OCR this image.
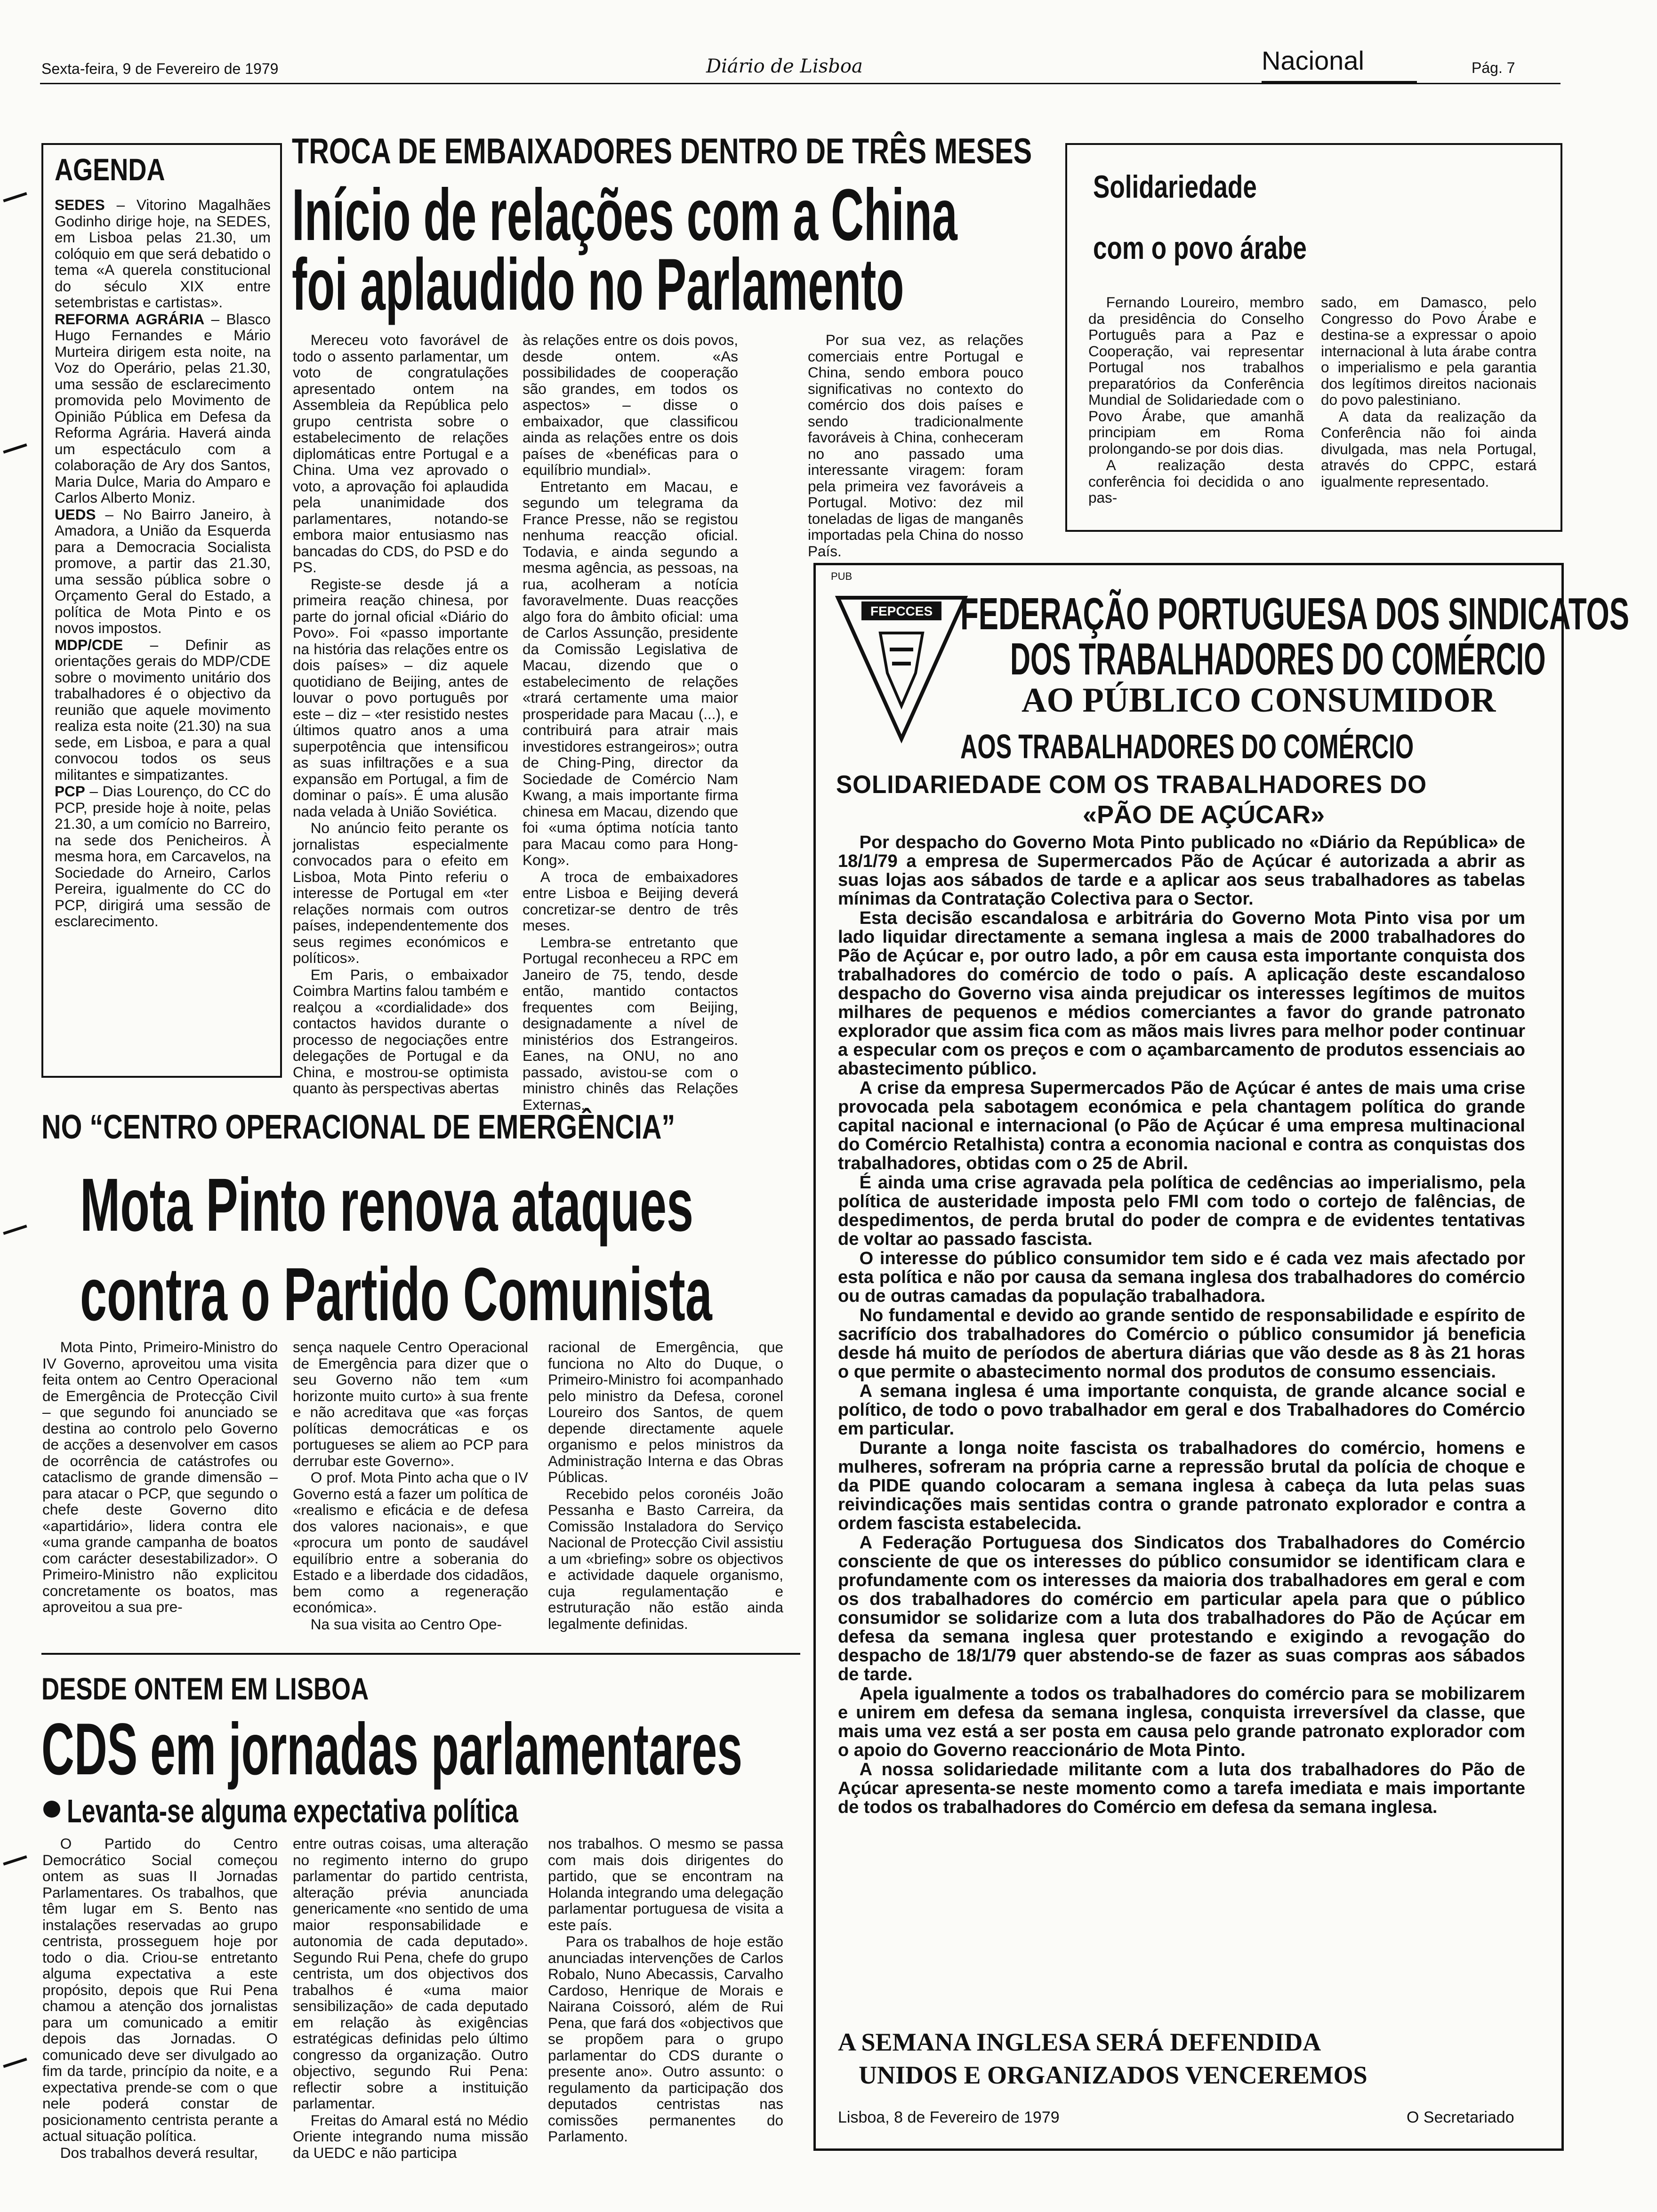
Sexta-feira, 9 de Fevereiro de 1979	Diário de Lisboa	Nacional	Pág. 7
AGENDA

SEDES – Vitorino Magalhães Godinho dirige hoje, na SEDES, em Lisboa pelas 21.30, um colóquio em que será debatido o tema «A querela constitucional do século XIX entre setembristas e cartistas».

REFORMA AGRÁRIA – Blasco Hugo Fernandes e Mário Murteira dirigem esta noite, na Voz do Operário, pelas 21.30, uma sessão de esclarecimento promovida pelo Movimento de Opinião Pública em Defesa da Reforma Agrária. Haverá ainda um espectáculo com a colaboração de Ary dos Santos, Maria Dulce, Maria do Amparo e Carlos Alberto Moniz.

UEDS – No Bairro Janeiro, à Amadora, a União da Esquerda para a Democracia Socialista promove, a partir das 21.30, uma sessão pública sobre o Orçamento Geral do Estado, a política de Mota Pinto e os novos impostos.

MDP/CDE – Definir as orientações gerais do MDP/CDE sobre o movimento unitário dos trabalhadores é o objectivo da reunião que aquele movimento realiza esta noite (21.30) na sua sede, em Lisboa, e para a qual convocou todos os seus militantes e simpatizantes.

PCP – Dias Lourenço, do CC do PCP, preside hoje à noite, pelas 21.30, a um comício no Barreiro, na sede dos Penicheiros. À mesma hora, em Carcavelos, na Sociedade do Arneiro, Carlos Pereira, igualmente do CC do PCP, dirigirá uma sessão de esclarecimento.

TROCA DE EMBAIXADORES DENTRO DE TRÊS MESES
Início de relações com a China
foi aplaudido no Parlamento

Mereceu voto favorável de todo o assento parlamentar, um voto de congratulações apresentado ontem na Assembleia da República pelo grupo centrista sobre o estabelecimento de relações diplomáticas entre Portugal e a China. Uma vez aprovado o voto, a aprovação foi aplaudida pela unanimidade dos parlamentares, notando-se embora maior entusiasmo nas bancadas do CDS, do PSD e do PS.

Registe-se desde já a primeira reação chinesa, por parte do jornal oficial «Diário do Povo». Foi «passo importante na história das relações entre os dois países» – diz aquele quotidiano de Beijing, antes de louvar o povo português por este – diz – «ter resistido nestes últimos quatro anos a uma superpotência que intensificou as suas infiltrações e a sua expansão em Portugal, a fim de dominar o país». É uma alusão nada velada à União Soviética.

No anúncio feito perante os jornalistas especialmente convocados para o efeito em Lisboa, Mota Pinto referiu o interesse de Portugal em «ter relações normais com outros países, independentemente dos seus regimes económicos e políticos».

Em Paris, o embaixador Coimbra Martins falou também e realçou a «cordialidade» dos contactos havidos durante o processo de negociações entre delegações de Portugal e da China, e mostrou-se optimista quanto às perspectivas abertas

às relações entre os dois povos, desde ontem. «As possibilidades de cooperação são grandes, em todos os aspectos» – disse o embaixador, que classificou ainda as relações entre os dois países de «benéficas para o equilíbrio mundial».

Entretanto em Macau, e segundo um telegrama da France Presse, não se registou nenhuma reacção oficial. Todavia, e ainda segundo a mesma agência, as pessoas, na rua, acolheram a notícia favoravelmente. Duas reacções algo fora do âmbito oficial: uma de Carlos Assunção, presidente da Comissão Legislativa de Macau, dizendo que o estabelecimento de relações «trará certamente uma maior prosperidade para Macau (...), e contribuirá para atrair mais investidores estrangeiros»; outra de Ching-Ping, director da Sociedade de Comércio Nam Kwang, a mais importante firma chinesa em Macau, dizendo que foi «uma óptima notícia tanto para Macau como para Hong-Kong».

A troca de embaixadores entre Lisboa e Beijing deverá concretizar-se dentro de três meses.

Lembra-se entretanto que Portugal reconheceu a RPC em Janeiro de 75, tendo, desde então, mantido contactos frequentes com Beijing, designadamente a nível de ministérios dos Estrangeiros. Eanes, na ONU, no ano passado, avistou-se com o ministro chinês das Relações Externas.

Por sua vez, as relações comerciais entre Portugal e China, sendo embora pouco significativas no contexto do comércio dos dois países e sendo tradicionalmente favoráveis à China, conheceram no ano passado uma interessante viragem: foram pela primeira vez favoráveis a Portugal. Motivo: dez mil toneladas de ligas de manganês importadas pela China do nosso País.

Solidariedade
com o povo árabe

Fernando Loureiro, membro da presidência do Conselho Português para a Paz e Cooperação, vai representar Portugal nos trabalhos preparatórios da Conferência Mundial de Solidariedade com o Povo Árabe, que amanhã principiam em Roma prolongando-se por dois dias.

A realização desta conferência foi decidida o ano pas-

sado, em Damasco, pelo Congresso do Povo Árabe e destina-se a expressar o apoio internacional à luta árabe contra o imperialismo e pela garantia dos legítimos direitos nacionais do povo palestiniano.

A data da realização da Conferência não foi ainda divulgada, mas nela Portugal, através do CPPC, estará igualmente representado.

NO “CENTRO OPERACIONAL DE EMERGÊNCIA”
Mota Pinto renova ataques
contra o Partido Comunista

Mota Pinto, Primeiro-Ministro do IV Governo, aproveitou uma visita feita ontem ao Centro Operacional de Emergência de Protecção Civil – que segundo foi anunciado se destina ao controlo pelo Governo de acções a desenvolver em casos de ocorrência de catástrofes ou cataclismo de grande dimensão – para atacar o PCP, que segundo o chefe deste Governo dito «apartidário», lidera contra ele «uma grande campanha de boatos com carácter desestabilizador». O Primeiro-Ministro não explicitou concretamente os boatos, mas aproveitou a sua pre-

sença naquele Centro Operacional de Emergência para dizer que o seu Governo não tem «um horizonte muito curto» à sua frente e não acreditava que «as forças políticas democráticas e os portugueses se aliem ao PCP para derrubar este Governo».

O prof. Mota Pinto acha que o IV Governo está a fazer um política de «realismo e eficácia e de defesa dos valores nacionais», e que «procura um ponto de saudável equilíbrio entre a soberania do Estado e a liberdade dos cidadãos, bem como a regeneração económica».

Na sua visita ao Centro Ope-

racional de Emergência, que funciona no Alto do Duque, o Primeiro-Ministro foi acompanhado pelo ministro da Defesa, coronel Loureiro dos Santos, de quem depende directamente aquele organismo e pelos ministros da Administração Interna e das Obras Públicas.

Recebido pelos coronéis João Pessanha e Basto Carreira, da Comissão Instaladora do Serviço Nacional de Protecção Civil assistiu a um «briefing» sobre os objectivos e actividade daquele organismo, cuja regulamentação e estruturação não estão ainda legalmente definidas.

DESDE ONTEM EM LISBOA
CDS em jornadas parlamentares
Levanta-se alguma expectativa política

O Partido do Centro Democrático Social começou ontem as suas II Jornadas Parlamentares. Os trabalhos, que têm lugar em S. Bento nas instalações reservadas ao grupo centrista, prosseguem hoje por todo o dia. Criou-se entretanto alguma expectativa a este propósito, depois que Rui Pena chamou a atenção dos jornalistas para um comunicado a emitir depois das Jornadas. O comunicado deve ser divulgado ao fim da tarde, princípio da noite, e a expectativa prende-se com o que nele poderá constar de posicionamento centrista perante a actual situação política.

Dos trabalhos deverá resultar,

entre outras coisas, uma alteração no regimento interno do grupo parlamentar do partido centrista, alteração prévia anunciada genericamente «no sentido de uma maior responsabilidade e autonomia de cada deputado». Segundo Rui Pena, chefe do grupo centrista, um dos objectivos dos trabalhos é «uma maior sensibilização» de cada deputado em relação às exigências estratégicas definidas pelo último congresso da organização. Outro objectivo, segundo Rui Pena: reflectir sobre a instituição parlamentar.

Freitas do Amaral está no Médio Oriente integrando numa missão da UEDC e não participa

nos trabalhos. O mesmo se passa com mais dois dirigentes do partido, que se encontram na Holanda integrando uma delegação parlamentar portuguesa de visita a este país.

Para os trabalhos de hoje estão anunciadas intervenções de Carlos Robalo, Nuno Abecassis, Carvalho Cardoso, Henrique de Morais e Nairana Coissoró, além de Rui Pena, que fará dos «objectivos que se propõem para o grupo parlamentar do CDS durante o presente ano». Outro assunto: o regulamento da participação dos deputados centristas nas comissões permanentes do Parlamento.

PUB
FEPCCES FEDERAÇÃO PORTUGUESA DOS SINDICATOS
DOS TRABALHADORES DO COMÉRCIO
AO PÚBLICO CONSUMIDOR
AOS TRABALHADORES DO COMÉRCIO
SOLIDARIEDADE COM OS TRABALHADORES DO
«PÃO DE AÇÚCAR»

Por despacho do Governo Mota Pinto publicado no «Diário da República» de 18/1/79 a empresa de Supermercados Pão de Açúcar é autorizada a abrir as suas lojas aos sábados de tarde e a aplicar aos seus trabalhadores as tabelas mínimas da Contratação Colectiva para o Sector.

Esta decisão escandalosa e arbitrária do Governo Mota Pinto visa por um lado liquidar directamente a semana inglesa a mais de 2000 trabalhadores do Pão de Açúcar e, por outro lado, a pôr em causa esta importante conquista dos trabalhadores do comércio de todo o país. A aplicação deste escandaloso despacho do Governo visa ainda prejudicar os interesses legítimos de muitos milhares de pequenos e médios comerciantes a favor do grande patronato explorador que assim fica com as mãos mais livres para melhor poder continuar a especular com os preços e com o açambarcamento de produtos essenciais ao abastecimento público.

A crise da empresa Supermercados Pão de Açúcar é antes de mais uma crise provocada pela sabotagem económica e pela chantagem política do grande capital nacional e internacional (o Pão de Açúcar é uma empresa multinacional do Comércio Retalhista) contra a economia nacional e contra as conquistas dos trabalhadores, obtidas com o 25 de Abril.

É ainda uma crise agravada pela política de cedências ao imperialismo, pela política de austeridade imposta pelo FMI com todo o cortejo de falências, de despedimentos, de perda brutal do poder de compra e de evidentes tentativas de voltar ao passado fascista.

O interesse do público consumidor tem sido e é cada vez mais afectado por esta política e não por causa da semana inglesa dos trabalhadores do comércio ou de outras camadas da população trabalhadora.

No fundamental e devido ao grande sentido de responsabilidade e espírito de sacrifício dos trabalhadores do Comércio o público consumidor já beneficia desde há muito de períodos de abertura diárias que vão desde as 8 às 21 horas o que permite o abastecimento normal dos produtos de consumo essenciais.

A semana inglesa é uma importante conquista, de grande alcance social e político, de todo o povo trabalhador em geral e dos Trabalhadores do Comércio em particular.

Durante a longa noite fascista os trabalhadores do comércio, homens e mulheres, sofreram na própria carne a repressão brutal da polícia de choque e da PIDE quando colocaram a semana inglesa à cabeça da luta pelas suas reivindicações mais sentidas contra o grande patronato explorador e contra a ordem fascista estabelecida.

A Federação Portuguesa dos Sindicatos dos Trabalhadores do Comércio consciente de que os interesses do público consumidor se identificam clara e profundamente com os interesses da maioria dos trabalhadores em geral e com os dos trabalhadores do comércio em particular apela para que o público consumidor se solidarize com a luta dos trabalhadores do Pão de Açúcar em defesa da semana inglesa quer protestando e exigindo a revogação do despacho de 18/1/79 quer abstendo-se de fazer as suas compras aos sábados de tarde.

Apela igualmente a todos os trabalhadores do comércio para se mobilizarem e unirem em defesa da semana inglesa, conquista irreversível da classe, que mais uma vez está a ser posta em causa pelo grande patronato explorador com o apoio do Governo reaccionário de Mota Pinto.

A nossa solidariedade militante com a luta dos trabalhadores do Pão de Açúcar apresenta-se neste momento como a tarefa imediata e mais importante de todos os trabalhadores do Comércio em defesa da semana inglesa.

A SEMANA INGLESA SERÁ DEFENDIDA
UNIDOS E ORGANIZADOS VENCEREMOS
Lisboa, 8 de Fevereiro de 1979	O Secretariado
